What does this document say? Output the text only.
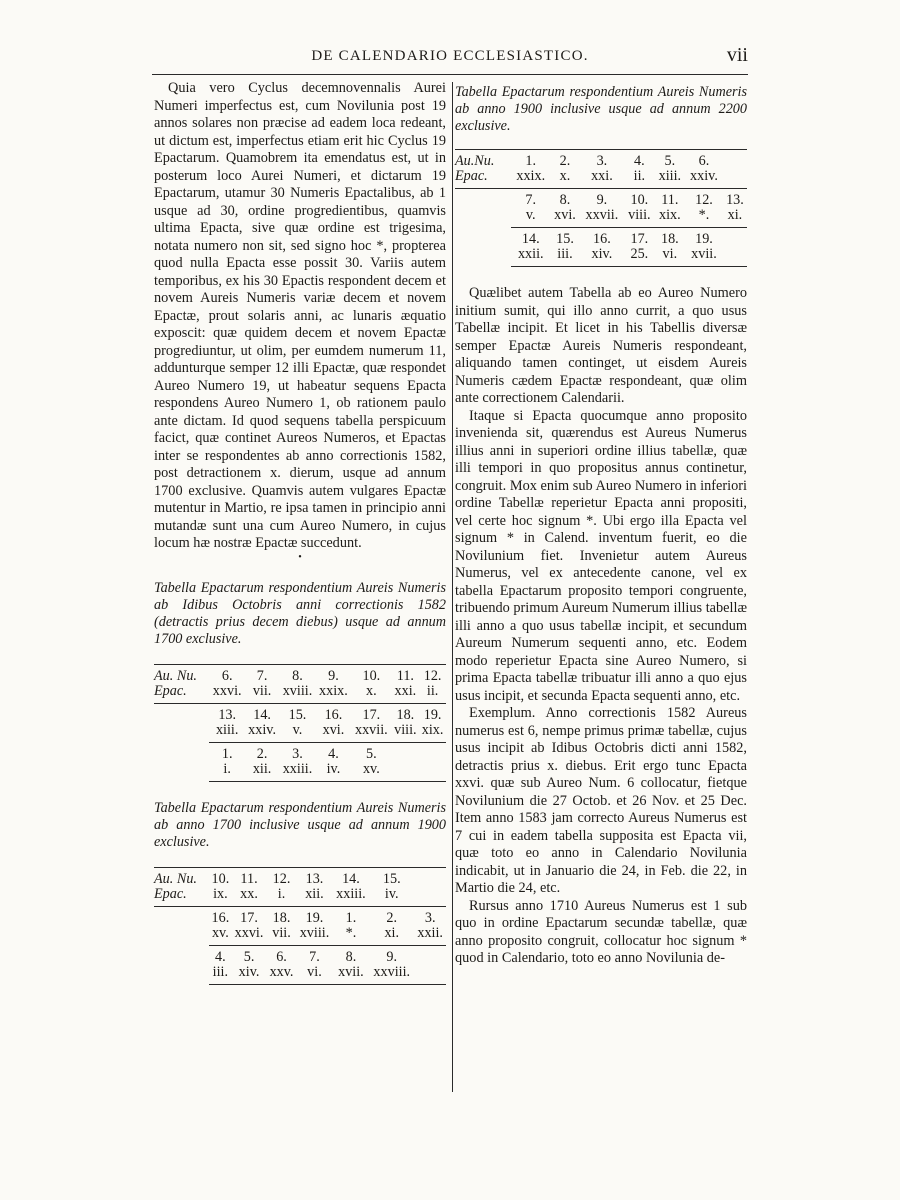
DE CALENDARIO ECCLESIASTICO.	vii

Quia vero Cyclus decemnovennalis Aurei Numeri imperfectus est, cum Novilunia post 19 annos solares non præcise ad eadem loca redeant, ut dictum est, imperfectus etiam erit hic Cyclus 19 Epactarum. Quamobrem ita emendatus est, ut in posterum loco Aurei Numeri, et dictarum 19 Epactarum, utamur 30 Numeris Epactalibus, ab 1 usque ad 30, ordine progredientibus, quamvis ultima Epacta, sive quæ ordine est trigesima, notata numero non sit, sed signo hoc *, propterea quod nulla Epacta esse possit 30. Variis autem temporibus, ex his 30 Epactis respondent decem et novem Aureis Numeris variæ decem et novem Epactæ, prout solaris anni, ac lunaris æquatio exposcit: quæ quidem decem et novem Epactæ progrediuntur, ut olim, per eumdem numerum 11, addunturque semper 12 illi Epactæ, quæ respondet Aureo Numero 19, ut habeatur sequens Epacta respondens Aureo Numero 1, ob rationem paulo ante dictam. Id quod sequens tabella perspicuum facict, quæ continet Aureos Numeros, et Epactas inter se respondentes ab anno correctionis 1582, post detractionem x. dierum, usque ad annum 1700 exclusive. Quamvis autem vulgares Epactæ mutentur in Martio, re ipsa tamen in principio anni mutandæ sunt una cum Aureo Numero, in cujus locum hæ nostræ Epactæ succedunt.

•
Tabella Epactarum respondentium Aureis Numeris ab Idibus Octobris anni correctionis 1582 (detractis prius decem diebus) usque ad annum 1700 exclusive.
Au. Nu.	6.	7.	8.	9.	10.	11.	12.
Epac.	xxvi.	vii.	xviii.	xxix.	x.	xxi.	ii.
	13.	14.	15.	16.	17.	18.	19.
	xiii.	xxiv.	v.	xvi.	xxvii.	viii.	xix.
	1.	2.	3.	4.	5.		
	i.	xii.	xxiii.	iv.	xv.		
Tabella Epactarum respondentium Aureis Numeris ab anno 1700 inclusive usque ad annum 1900 exclusive.
Au. Nu.	10.	11.	12.	13.	14.	15.	
Epac.	ix.	xx.	i.	xii.	xxiii.	iv.	
	16.	17.	18.	19.	1.	2.	3.
	xv.	xxvi.	vii.	xviii.	*.	xi.	xxii.
	4.	5.	6.	7.	8.	9.	
	iii.	xiv.	xxv.	vi.	xvii.	xxviii.	
Tabella Epactarum respondentium Aureis Numeris ab anno 1900 inclusive usque ad annum 2200 exclusive.
Au.Nu.	1.	2.	3.	4.	5.	6.	
Epac.	xxix.	x.	xxi.	ii.	xiii.	xxiv.	
	7.	8.	9.	10.	11.	12.	13.
	v.	xvi.	xxvii.	viii.	xix.	*.	xi.
	14.	15.	16.	17.	18.	19.	
	xxii.	iii.	xiv.	25.	vi.	xvii.	

Quælibet autem Tabella ab eo Aureo Numero initium sumit, qui illo anno currit, a quo usus Tabellæ incipit. Et licet in his Tabellis diversæ semper Epactæ Aureis Numeris respondeant, aliquando tamen continget, ut eisdem Aureis Numeris cædem Epactæ respondeant, quæ olim ante correctionem Calendarii.

Itaque si Epacta quocumque anno proposito invenienda sit, quærendus est Aureus Numerus illius anni in superiori ordine illius tabellæ, quæ illi tempori in quo propositus annus continetur, congruit. Mox enim sub Aureo Numero in inferiori ordine Tabellæ reperietur Epacta anni propositi, vel certe hoc signum *. Ubi ergo illa Epacta vel signum * in Calend. inventum fuerit, eo die Novilunium fiet. Invenietur autem Aureus Numerus, vel ex antecedente canone, vel ex tabella Epactarum proposito tempori congruente, tribuendo primum Aureum Numerum illius tabellæ illi anno a quo usus tabellæ incipit, et secundum Aureum Numerum sequenti anno, etc. Eodem modo reperietur Epacta sine Aureo Numero, si prima Epacta tabellæ tribuatur illi anno a quo ejus usus incipit, et secunda Epacta sequenti anno, etc.

Exemplum. Anno correctionis 1582 Aureus numerus est 6, nempe primus primæ tabellæ, cujus usus incipit ab Idibus Octobris dicti anni 1582, detractis prius x. diebus. Erit ergo tunc Epacta xxvi. quæ sub Aureo Num. 6 collocatur, fietque Novilunium die 27 Octob. et 26 Nov. et 25 Dec. Item anno 1583 jam correcto Aureus Numerus est 7 cui in eadem tabella supposita est Epacta vii, quæ toto eo anno in Calendario Novilunia indicabit, ut in Januario die 24, in Feb. die 22, in Martio die 24, etc.

Rursus anno 1710 Aureus Numerus est 1 sub quo in ordine Epactarum secundæ tabellæ, quæ anno proposito congruit, collocatur hoc signum * quod in Calendario, toto eo anno Novilunia de-
